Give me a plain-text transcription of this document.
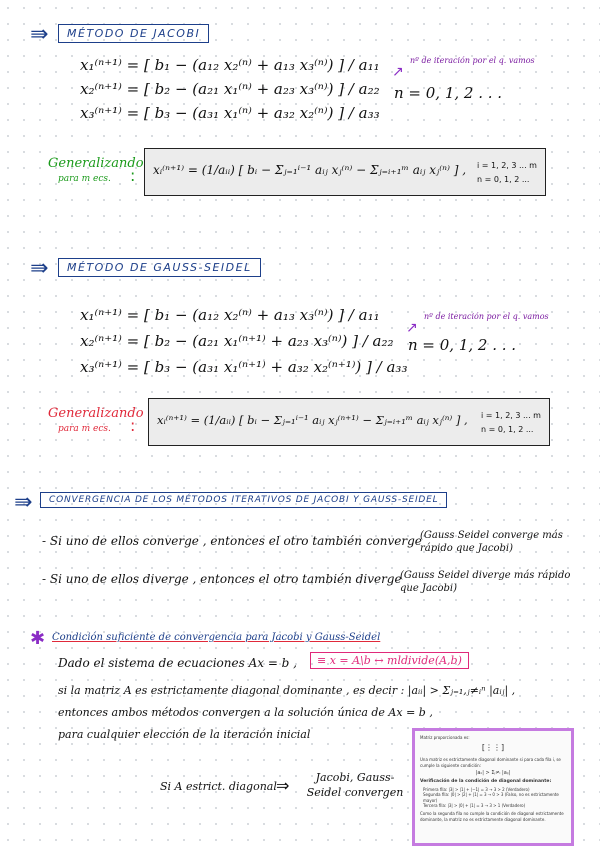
⇛	MÉTODO DE JACOBI
x₁⁽ⁿ⁺¹⁾ = [ b₁ − (a₁₂ x₂⁽ⁿ⁾ + a₁₃ x₃⁽ⁿ⁾) ] / a₁₁
x₂⁽ⁿ⁺¹⁾ = [ b₂ − (a₂₁ x₁⁽ⁿ⁾ + a₂₃ x₃⁽ⁿ⁾) ] / a₂₂
x₃⁽ⁿ⁺¹⁾ = [ b₃ − (a₃₁ x₁⁽ⁿ⁾ + a₃₂ x₂⁽ⁿ⁾) ] / a₃₃
↗
nº de iteración por el q. vamos
n = 0, 1, 2 . . .
Generalizando
para m ecs. : xᵢ⁽ⁿ⁺¹⁾ = (1/aᵢᵢ) [ bᵢ − Σⱼ₌₁ⁱ⁻¹ aᵢⱼ xⱼ⁽ⁿ⁾ − Σⱼ₌ᵢ₊₁ᵐ aᵢⱼ xⱼ⁽ⁿ⁾ ] , i = 1, 2, 3 ... m
n = 0, 1, 2 ...
⇛	MÉTODO DE GAUSS-SEIDEL
x₁⁽ⁿ⁺¹⁾ = [ b₁ − (a₁₂ x₂⁽ⁿ⁾ + a₁₃ x₃⁽ⁿ⁾) ] / a₁₁
x₂⁽ⁿ⁺¹⁾ = [ b₂ − (a₂₁ x₁⁽ⁿ⁺¹⁾ + a₂₃ x₃⁽ⁿ⁾) ] / a₂₂
x₃⁽ⁿ⁺¹⁾ = [ b₃ − (a₃₁ x₁⁽ⁿ⁺¹⁾ + a₃₂ x₂⁽ⁿ⁺¹⁾) ] / a₃₃
↗
nº de iteración por el q. vamos
n = 0, 1, 2 . . .
Generalizando
para m ecs. : xᵢ⁽ⁿ⁺¹⁾ = (1/aᵢᵢ) [ bᵢ − Σⱼ₌₁ⁱ⁻¹ aᵢⱼ xⱼ⁽ⁿ⁺¹⁾ − Σⱼ₌ᵢ₊₁ᵐ aᵢⱼ xⱼ⁽ⁿ⁾ ] , i = 1, 2, 3 ... m
n = 0, 1, 2 ...
⇛	CONVERGENCIA DE LOS MÉTODOS ITERATIVOS DE JACOBI Y GAUSS-SEIDEL
- Si uno de ellos converge , entonces el otro también converge
(Gauss Seidel converge más rápido que Jacobi)
- Si uno de ellos diverge , entonces el otro también diverge
(Gauss Seidel diverge más rápido que Jacobi)
✱ Condición suficiente de convergencia para Jacobi y Gauss-Seidel
Dado el sistema de ecuaciones Ax = b ,	≡ x = A\b ↔ mldivide(A,b)
si la matriz A es estrictamente diagonal dominante , es decir : |aᵢᵢ| > Σⱼ₌₁,ⱼ≠ᵢⁿ |aᵢⱼ| ,
entonces ambos métodos convergen a la solución única de Ax = b ,
para cualquier elección de la iteración inicial
Si A estrict. diagonal ⇒	Jacobi, Gauss-Seidel convergen
Matriz proporcionada es:
[⋮⋮]
Una matriz es estrictamente diagonal dominante si para cada fila i, se cumple la siguiente condición:
|aᵢᵢ| > Σⱼ≠ᵢ |aᵢⱼ|
Verificación de la condición de diagonal dominante:
Primera fila: |3| > |1| + |−1| = 3 → 3 > 2 (Verdadero)
Segunda fila: |0| > |2| + |1| = 3 → 0 > 3 (Falso, no es estrictamente mayor)
Tercera fila: |3| > |0| + |1| = 3 → 3 > 1 (Verdadero)
Como la segunda fila no cumple la condición de diagonal estrictamente dominante, la matriz no es estrictamente diagonal dominante.
